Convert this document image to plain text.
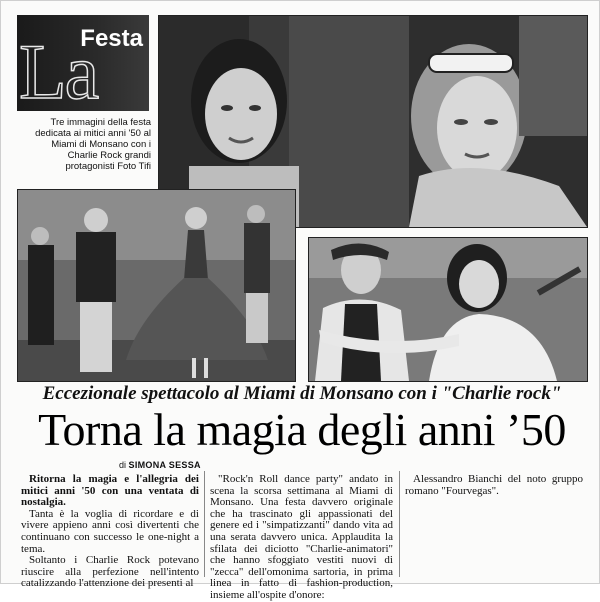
La
Festa
Tre immagini della festa dedicata ai mitici anni '50 al Miami di Monsano con i Charlie Rock grandi protagonisti Foto Tifi
Eccezionale spettacolo al Miami di Monsano con i "Charlie rock"
Torna la magia degli anni ’50
di SIMONA SESSA

Ritorna la magia e l'allegria dei mitici anni '50 con una ventata di nostalgia.

Tanta è la voglia di ricordare e di vivere appieno anni così divertenti che continuano con successo le one-night a tema.

Soltanto i Charlie Rock potevano riuscire alla perfezione nell'intento catalizzando l'attenzione dei presenti al

"Rock'n Roll dance party" andato in scena la scorsa settimana al Miami di Monsano. Una festa davvero originale che ha trascinato gli appassionati del genere ed i "simpatizzanti" dando vita ad una serata davvero unica. Applaudita la sfilata dei diciotto "Charlie-animatori" che hanno sfoggiato vestiti nuovi di "zecca" dell'omonima sartoria, in prima linea in fatto di fashion-production, insieme all'ospite d'onore:

Alessandro Bianchi del noto gruppo romano "Fourvegas".
